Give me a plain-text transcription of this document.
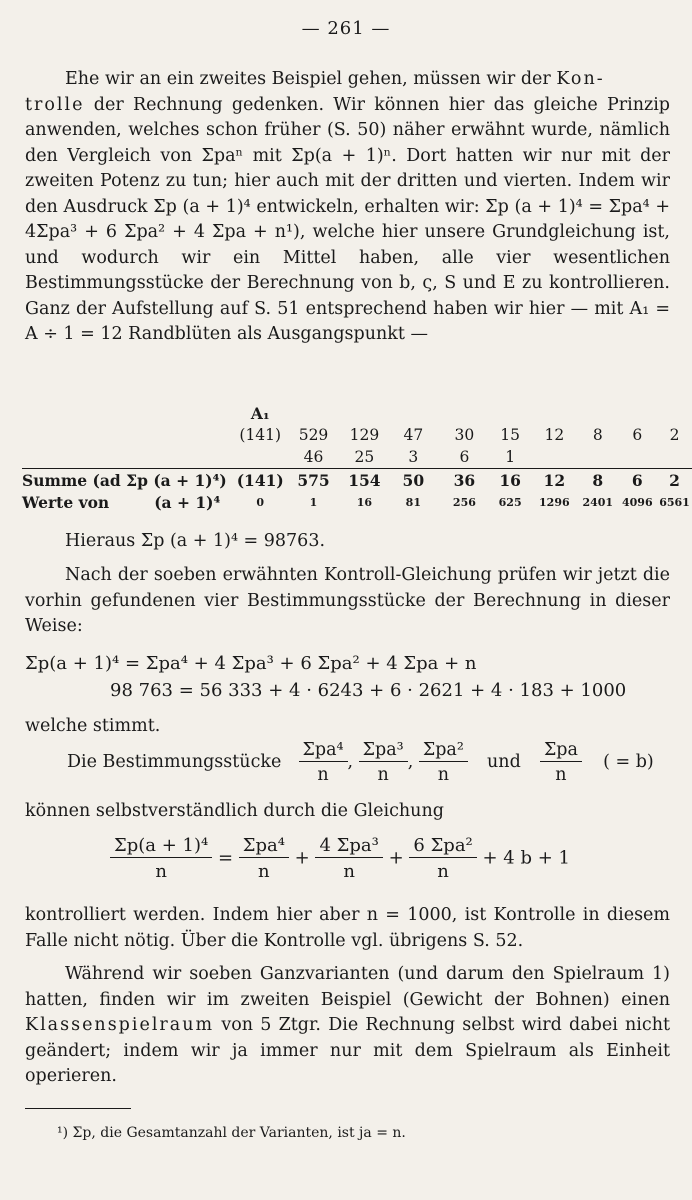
— 261 —

Ehe wir an ein zweites Beispiel gehen, müssen wir der Kon-
trolle der Rechnung gedenken. Wir können hier das gleiche Prinzip anwenden, welches schon früher (S. 50) näher erwähnt wurde, nämlich den Vergleich von Σpaⁿ mit Σp(a + 1)ⁿ. Dort hatten wir nur mit der zweiten Potenz zu tun; hier auch mit der dritten und vierten. Indem wir den Ausdruck Σp (a + 1)⁴ entwickeln, erhalten wir: Σp (a + 1)⁴ = Σpa⁴ + 4Σpa³ + 6 Σpa² + 4 Σpa + n¹), welche hier unsere Grundgleichung ist, und wodurch wir ein Mittel haben, alle vier wesentlichen Bestimmungsstücke der Berechnung von b, ς, S und E zu kontrollieren. Ganz der Aufstellung auf S. 51 entsprechend haben wir hier — mit A₁ = A ÷ 1 = 12 Randblüten als Ausgangspunkt —

	A₁									
	(141)	529	129	47	30	15	12	8	6	2
		46	25	3	6	1				
Summe (ad Σp (a + 1)⁴)	(141)	575	154	50	36	16	12	8	6	2
Werte von (a + 1)⁴	0	1	16	81	256	625	1296	2401	4096	6561

Hieraus Σp (a + 1)⁴ = 98763.

Nach der soeben erwähnten Kontroll-Gleichung prüfen wir jetzt die vorhin gefundenen vier Bestimmungsstücke der Berechnung in dieser Weise:

Σp(a + 1)⁴ = Σpa⁴ + 4 Σpa³ + 6 Σpa² + 4 Σpa + n
98 763 = 56 333 + 4 · 6243 + 6 · 2621 + 4 · 183 + 1000

welche stimmt.

Die Bestimmungsstücke $\frac{\text{Σpa⁴}}{n}$ , $\frac{\text{Σpa³}}{n}$ , $\frac{\text{Σpa²}}{n}$ und $\frac{\text{Σpa}}{n}$ ( = b)

können selbstverständlich durch die Gleichung

$\frac{\text{Σp(a + 1)⁴}}{n} = \frac{\text{Σpa⁴}}{n} + \frac{\text{4 Σpa³}}{n} + \frac{\text{6 Σpa²}}{n} + 4$ b + 1

kontrolliert werden. Indem hier aber n = 1000, ist Kontrolle in diesem Falle nicht nötig. Über die Kontrolle vgl. übrigens S. 52.

Während wir soeben Ganzvarianten (und darum den Spielraum 1) hatten, finden wir im zweiten Beispiel (Gewicht der Bohnen) einen Klassenspielraum von 5 Ztgr. Die Rechnung selbst wird dabei nicht geändert; indem wir ja immer nur mit dem Spielraum als Einheit operieren.

¹) Σp, die Gesamtanzahl der Varianten, ist ja = n.
